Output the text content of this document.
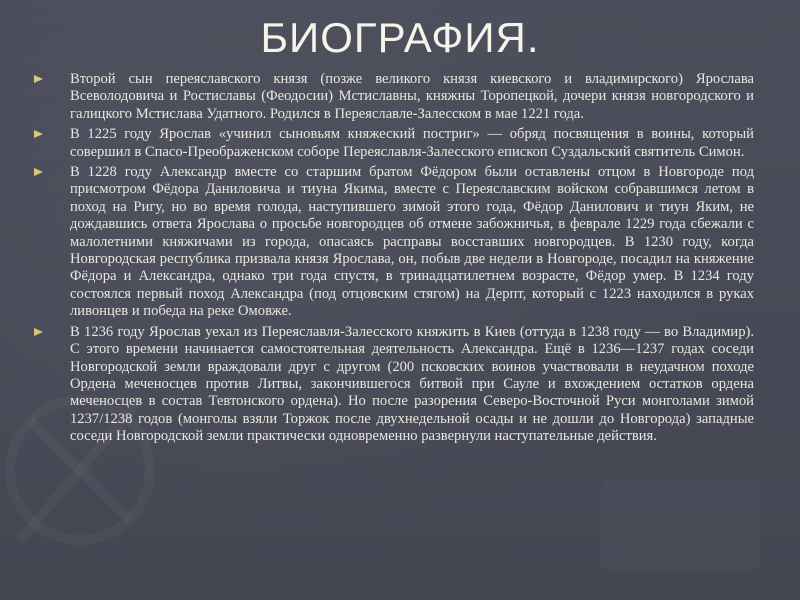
БИОГРАФИЯ.
Второй сын переяславского князя (позже великого князя киевского и владимирского) Ярослава Всеволодовича и Ростиславы (Феодосии) Мстиславны, княжны Торопецкой, дочери князя новгородского и галицкого Мстислава Удатного. Родился в Переяславле-Залесском в мае 1221 года.
В 1225 году Ярослав «учинил сыновьям княжеский постриг» — обряд посвящения в воины, который совершил в Спасо-Преображенском соборе Переяславля-Залесского епископ Суздальский святитель Симон.
В 1228 году Александр вместе со старшим братом Фёдором были оставлены отцом в Новгороде под присмотром Фёдора Даниловича и тиуна Якима, вместе с Переяславским войском собравшимся летом в поход на Ригу, но во время голода, наступившего зимой этого года, Фёдор Данилович и тиун Яким, не дождавшись ответа Ярослава о просьбе новгородцев об отмене забожничья, в феврале 1229 года сбежали с малолетними княжичами из города, опасаясь расправы восставших новгородцев. В 1230 году, когда Новгородская республика призвала князя Ярослава, он, побыв две недели в Новгороде, посадил на княжение Фёдора и Александра, однако три года спустя, в тринадцатилетнем возрасте, Фёдор умер. В 1234 году состоялся первый поход Александра (под отцовским стягом) на Дерпт, который с 1223 находился в руках ливонцев и победа на реке Омовже.
В 1236 году Ярослав уехал из Переяславля-Залесского княжить в Киев (оттуда в 1238 году — во Владимир). С этого времени начинается самостоятельная деятельность Александра. Ещё в 1236—1237 годах соседи Новгородской земли враждовали друг с другом (200 псковских воинов участвовали в неудачном походе Ордена меченосцев против Литвы, закончившегося битвой при Сауле и вхождением остатков ордена меченосцев в состав Тевтонского ордена). Но после разорения Северо-Восточной Руси монголами зимой 1237/1238 годов (монголы взяли Торжок после двухнедельной осады и не дошли до Новгорода) западные соседи Новгородской земли практически одновременно развернули наступательные действия.
